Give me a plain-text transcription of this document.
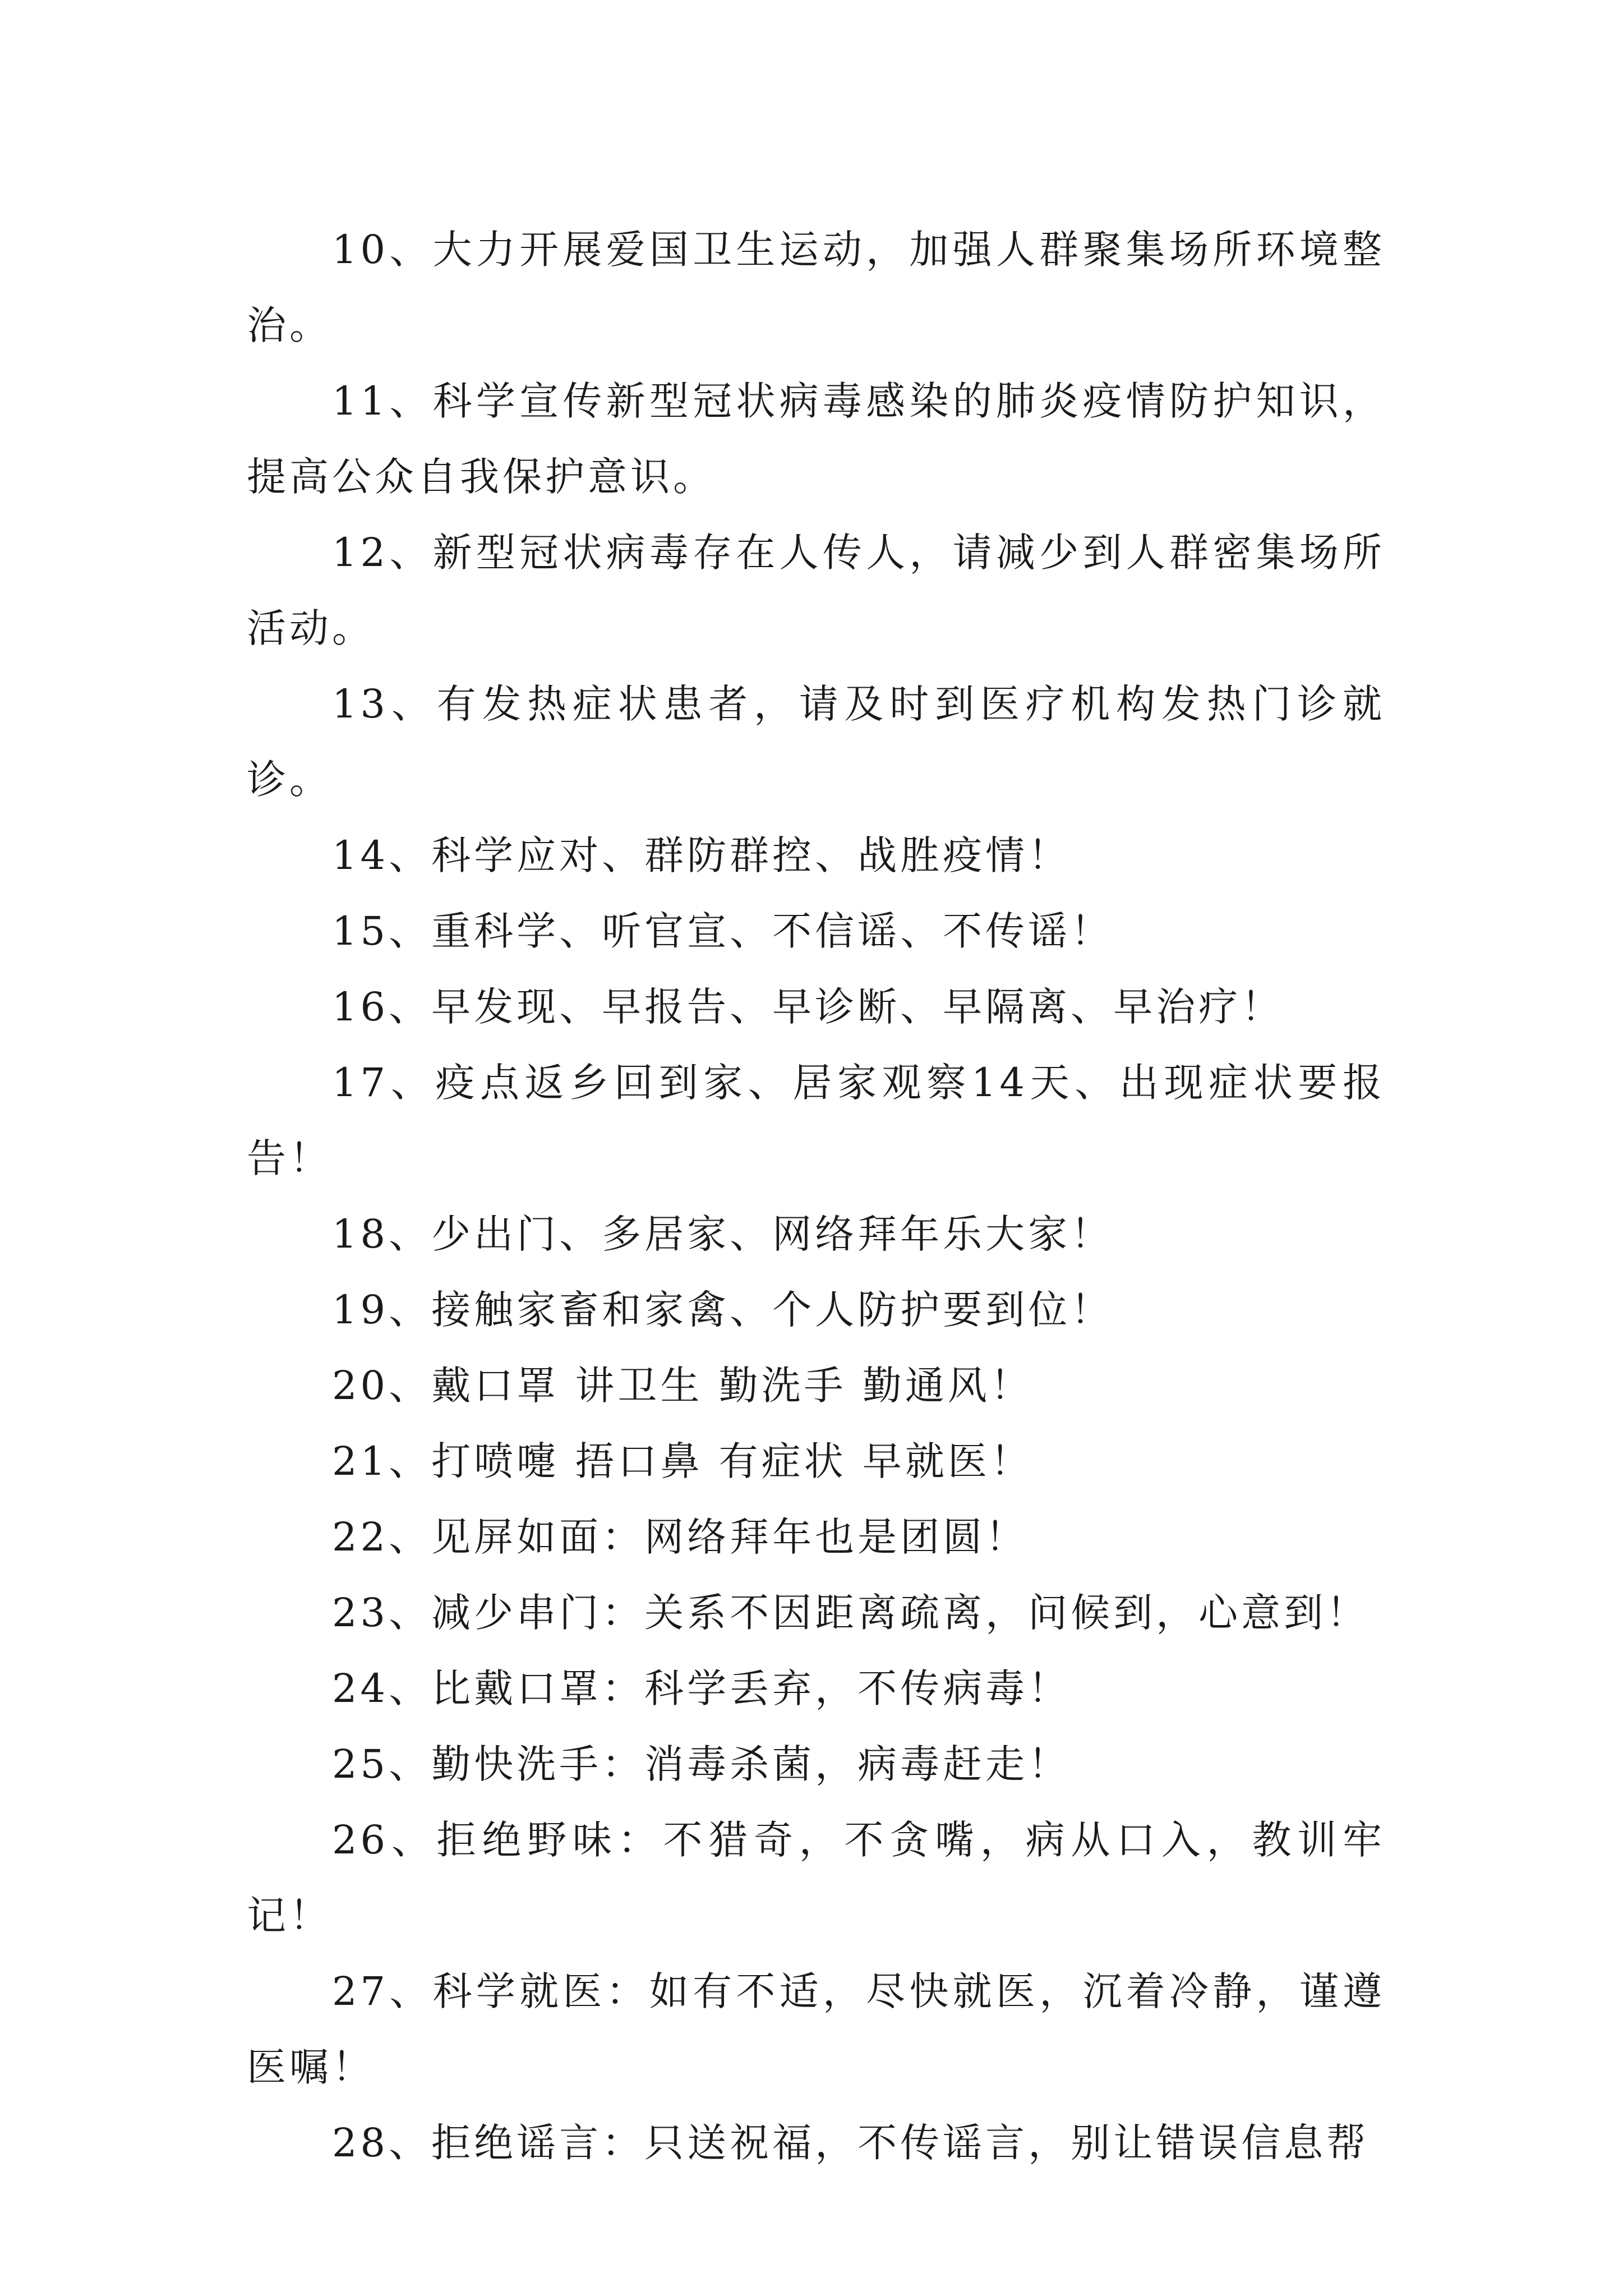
10、大力开展爱国卫生运动，加强人群聚集场所环境整治。

11、科学宣传新型冠状病毒感染的肺炎疫情防护知识，提高公众自我保护意识。

12、新型冠状病毒存在人传人，请减少到人群密集场所活动。

13、有发热症状患者，请及时到医疗机构发热门诊就诊。

14、科学应对、群防群控、战胜疫情！

15、重科学、听官宣、不信谣、不传谣！

16、早发现、早报告、早诊断、早隔离、早治疗！

17、疫点返乡回到家、居家观察14天、出现症状要报告！

18、少出门、多居家、网络拜年乐大家！

19、接触家畜和家禽、个人防护要到位！

20、戴口罩 讲卫生 勤洗手 勤通风！

21、打喷嚏 捂口鼻 有症状 早就医！

22、见屏如面：网络拜年也是团圆！

23、减少串门：关系不因距离疏离，问候到，心意到！

24、比戴口罩：科学丢弃，不传病毒！

25、勤快洗手：消毒杀菌，病毒赶走！

26、拒绝野味：不猎奇，不贪嘴，病从口入，教训牢记！

27、科学就医：如有不适，尽快就医，沉着冷静，谨遵医嘱！

28、拒绝谣言：只送祝福，不传谣言，别让错误信息帮
